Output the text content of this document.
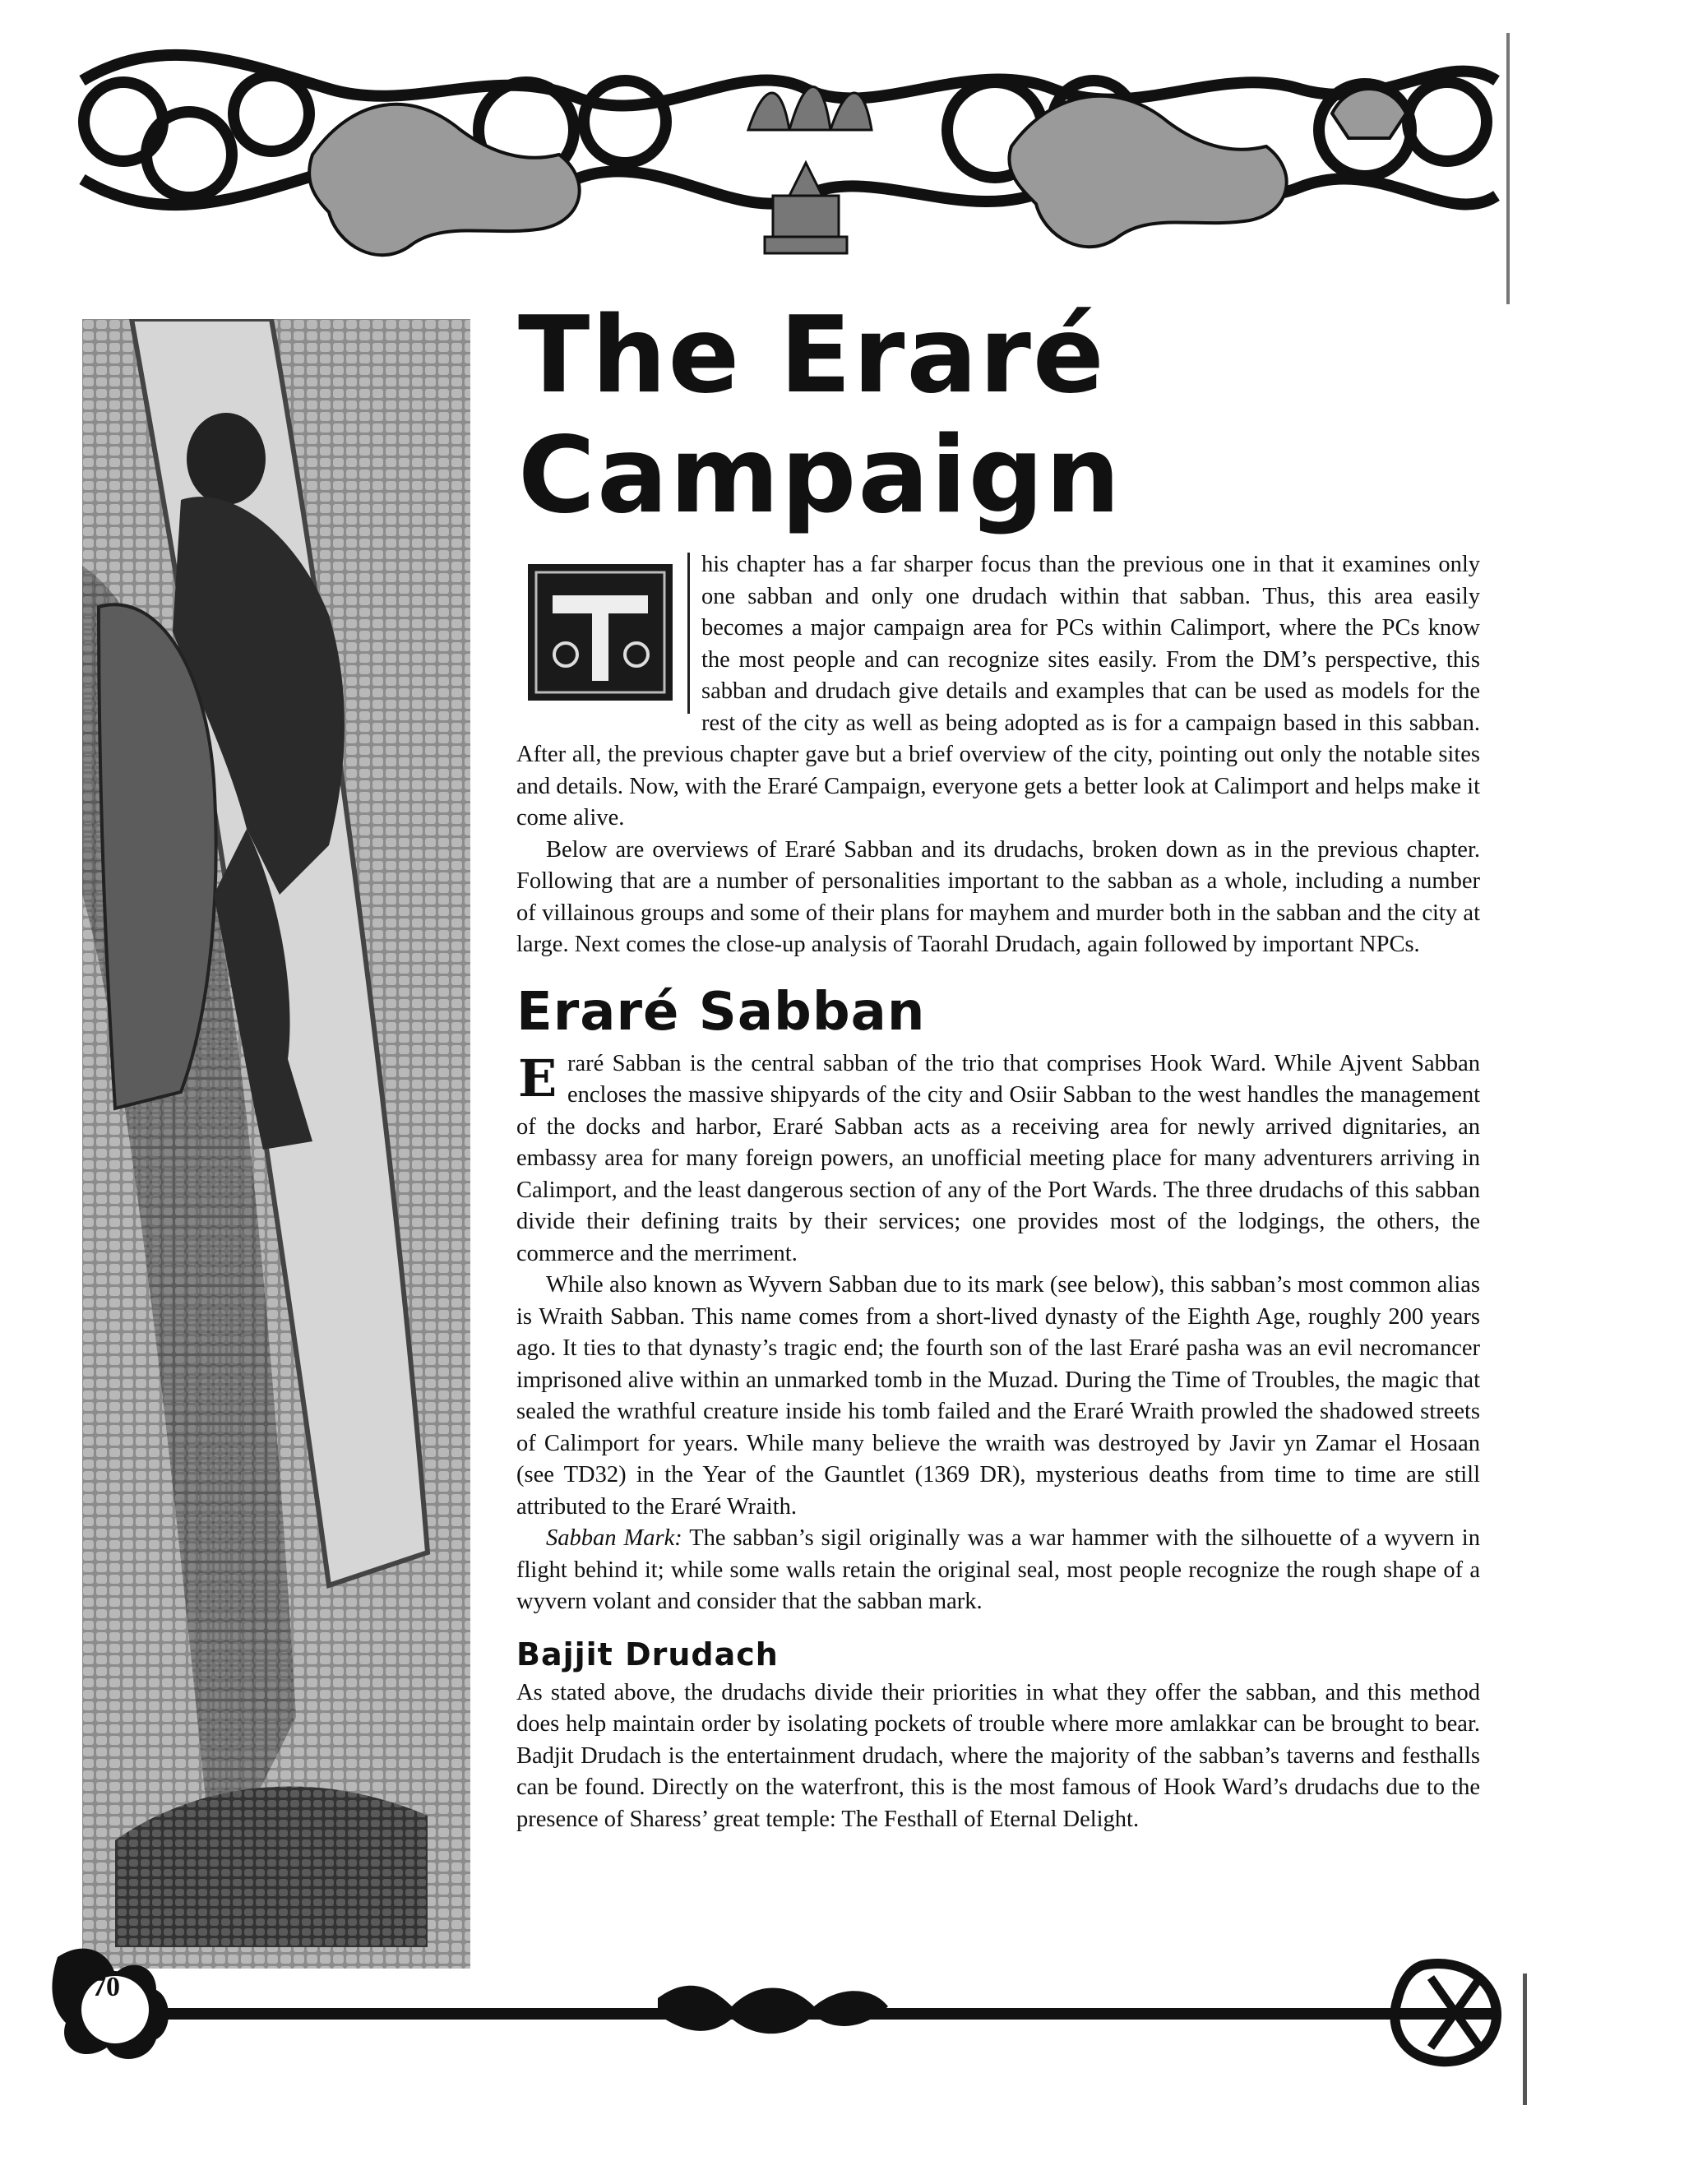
The Eraré
Campaign

his chapter has a far sharper focus than the previous one in that it examines only one sabban and only one drudach within that sabban. Thus, this area easily becomes a major campaign area for PCs within Calimport, where the PCs know the most people and can recognize sites easily. From the DM’s perspective, this sabban and drudach give details and examples that can be used as models for the rest of the city as well as being adopted as is for a campaign based in this sabban. After all, the previous chapter gave but a brief overview of the city, pointing out only the notable sites and details. Now, with the Eraré Campaign, everyone gets a better look at Calimport and helps make it come alive.

Below are overviews of Eraré Sabban and its drudachs, broken down as in the previous chapter. Following that are a number of personalities important to the sabban as a whole, including a number of villainous groups and some of their plans for mayhem and murder both in the sabban and the city at large. Next comes the close-up analysis of Taorahl Drudach, again followed by important NPCs.

Eraré Sabban

E raré Sabban is the central sabban of the trio that comprises Hook Ward. While Ajvent Sabban encloses the massive shipyards of the city and Osiir Sabban to the west handles the management of the docks and harbor, Eraré Sabban acts as a receiving area for newly arrived dignitaries, an embassy area for many foreign powers, an unofficial meeting place for many adventurers arriving in Calimport, and the least dangerous section of any of the Port Wards. The three drudachs of this sabban divide their defining traits by their services; one provides most of the lodgings, the others, the commerce and the merriment.

While also known as Wyvern Sabban due to its mark (see below), this sabban’s most common alias is Wraith Sabban. This name comes from a short-lived dynasty of the Eighth Age, roughly 200 years ago. It ties to that dynasty’s tragic end; the fourth son of the last Eraré pasha was an evil necromancer imprisoned alive within an unmarked tomb in the Muzad. During the Time of Troubles, the magic that sealed the wrathful creature inside his tomb failed and the Eraré Wraith prowled the shadowed streets of Calimport for years. While many believe the wraith was destroyed by Javir yn Zamar el Hosaan (see TD32) in the Year of the Gauntlet (1369 DR), mysterious deaths from time to time are still attributed to the Eraré Wraith.

Sabban Mark: The sabban’s sigil originally was a war hammer with the silhouette of a wyvern in flight behind it; while some walls retain the original seal, most people recognize the rough shape of a wyvern volant and consider that the sabban mark.

Bajjit Drudach

As stated above, the drudachs divide their priorities in what they offer the sabban, and this method does help maintain order by isolating pockets of trouble where more amlakkar can be brought to bear. Badjit Drudach is the entertainment drudach, where the majority of the sabban’s taverns and festhalls can be found. Directly on the waterfront, this is the most famous of Hook Ward’s drudachs due to the presence of Sharess’ great temple: The Festhall of Eternal Delight.

70
